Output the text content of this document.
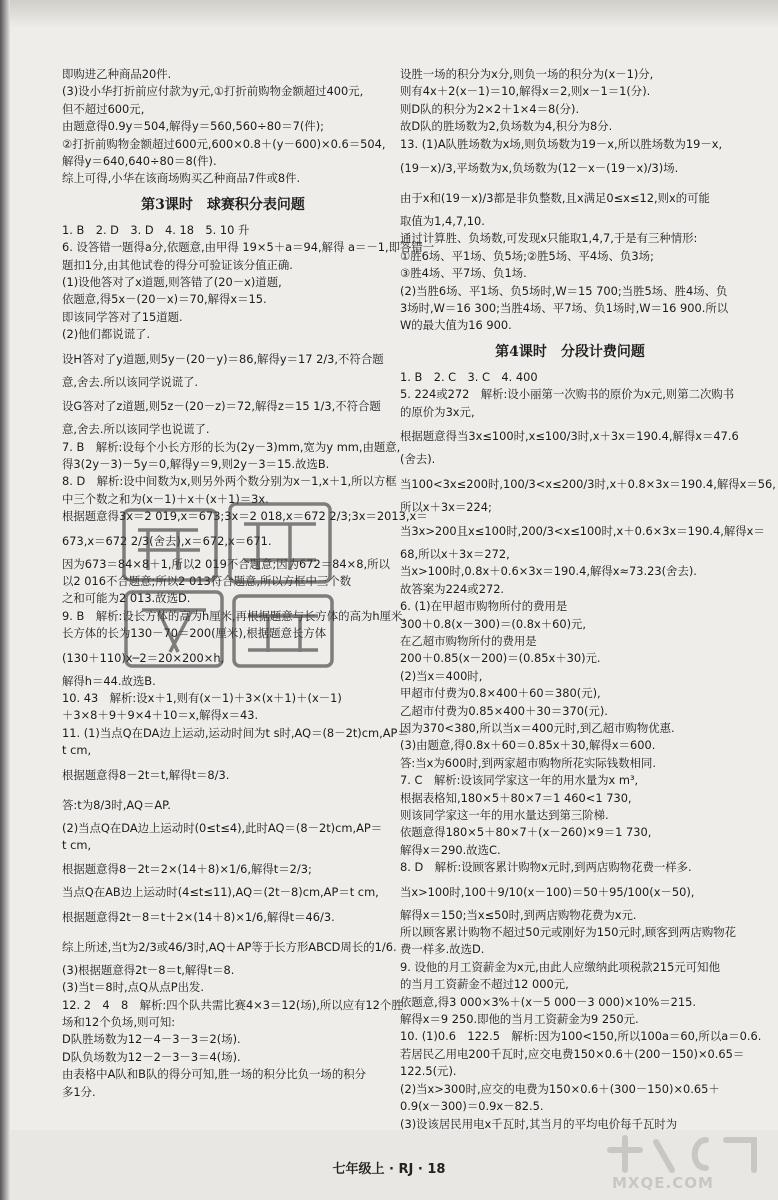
即购进乙种商品20件.
(3)设小华打折前应付款为y元,①打折前购物金额超过400元,
但不超过600元,
由题意得0.9y＝504,解得y＝560,560÷80＝7(件);
②打折前购物金额超过600元,600×0.8＋(y－600)×0.6＝504,
解得y＝640,640÷80＝8(件).
综上可得,小华在该商场购买乙种商品7件或8件.
第3课时　球赛积分表问题
1. B　2. D　3. D　4. 18　5. 10 升
6. 设答错一题得a分,依题意,由甲得 19×5＋a＝94,解得 a＝－1,即答错一
题扣1分,由其他试卷的得分可验证该分值正确.
(1)设他答对了x道题,则答错了(20－x)道题,
依题意,得5x－(20－x)＝70,解得x＝15.
即该同学答对了15道题.
(2)他们都说谎了.
设H答对了y道题,则5y－(20－y)＝86,解得y＝17 2/3,不符合题
意,舍去.所以该同学说谎了.
设G答对了z道题,则5z－(20－z)＝72,解得z＝15 1/3,不符合题
意,舍去.所以该同学也说谎了.
7. B　解析:设每个小长方形的长为(2y－3)mm,宽为y mm,由题意,
得3(2y－3)－5y＝0,解得y＝9,则2y－3＝15.故选B.
8. D　解析:设中间数为x,则另外两个数分别为x－1,x＋1,所以方框
中三个数之和为(x－1)＋x＋(x＋1)＝3x.
根据题意得3x＝2 019,x＝673;3x＝2 018,x＝672 2/3;3x＝2013,x＝
673,x＝672 2/3(舍去),x＝672,x＝671.
因为673＝84×8＋1,所以2 019不合题意;因为672＝84×8,所以
以2 016不合题意;所以2 013符合题意,所以方框中三个数
之和可能为2 013.故选D.
9. B　解析:设长方体的高为h厘米,再根据题意与长方体的高为h厘米,
长方体的长为130－70＝200(厘米),根据题意长方体
(130＋110)x─2＝20×200×h,
解得h＝44.故选B.
10. 43　解析:设x＋1,则有(x－1)＋3×(x＋1)＋(x－1)
＋3×8＋9＋9×4＋10＝x,解得x＝43.
11. (1)当点Q在DA边上运动,运动时间为t s时,AQ＝(8－2t)cm,AP＝
t cm,
根据题意得8－2t＝t,解得t＝8/3.
答:t为8/3时,AQ＝AP.
(2)当点Q在DA边上运动时(0≤t≤4),此时AQ＝(8－2t)cm,AP＝
t cm,
根据题意得8－2t＝2×(14＋8)×1/6,解得t＝2/3;
当点Q在AB边上运动时(4≤t≤11),AQ＝(2t－8)cm,AP＝t cm,
根据题意得2t－8＝t＋2×(14＋8)×1/6,解得t＝46/3.
综上所述,当t为2/3或46/3时,AQ＋AP等于长方形ABCD周长的1/6.
(3)根据题意得2t－8＝t,解得t＝8.
(3)当t＝8时,点Q从点P出发.
12. 2　4　8　解析:四个队共需比赛4×3＝12(场),所以应有12个胜
场和12个负场,则可知:
D队胜场数为12－4－3－3＝2(场).
D队负场数为12－2－3－3＝4(场).
由表格中A队和B队的得分可知,胜一场的积分比负一场的积分
多1分.
设胜一场的积分为x分,则负一场的积分为(x－1)分,
则有4x＋2(x－1)＝10,解得x＝2,则x－1＝1(分).
则D队的积分为2×2＋1×4＝8(分).
故D队的胜场数为2,负场数为4,积分为8分.
13. (1)A队胜场数为x场,则负场数为19－x,所以胜场数为19－x,
(19－x)/3,平场数为x,负场数为(12－x－(19－x)/3)场.
由于x和(19－x)/3都是非负整数,且x满足0≤x≤12,则x的可能
取值为1,4,7,10.
通过计算胜、负场数,可发现x只能取1,4,7,于是有三种情形:
①胜6场、平1场、负5场;②胜5场、平4场、负3场;
③胜4场、平7场、负1场.
(2)当胜6场、平1场、负5场时,W＝15 700;当胜5场、胜4场、负
3场时,W＝16 300;当胜4场、平7场、负1场时,W＝16 900.所以
W的最大值为16 900.
第4课时　分段计费问题
1. B　2. C　3. C　4. 400
5. 224或272　解析:设小丽第一次购书的原价为x元,则第二次购书
的原价为3x元,
根据题意得当3x≤100时,x≤100/3时,x＋3x＝190.4,解得x＝47.6
(舍去).
当100<3x≤200时,100/3<x≤200/3时,x＋0.8×3x＝190.4,解得x＝56,
所以x＋3x＝224;
当3x>200且x≤100时,200/3<x≤100时,x＋0.6×3x＝190.4,解得x＝
68,所以x＋3x＝272,
当x>100时,0.8x＋0.6×3x＝190.4,解得x≈73.23(舍去).
故答案为224或272.
6. (1)在甲超市购物所付的费用是
300＋0.8(x－300)＝(0.8x＋60)元,
在乙超市购物所付的费用是
200＋0.85(x－200)＝(0.85x＋30)元.
(2)当x＝400时,
甲超市付费为0.8×400＋60＝380(元),
乙超市付费为0.85×400＋30＝370(元).
因为370<380,所以当x＝400元时,到乙超市购物优惠.
(3)由题意,得0.8x＋60＝0.85x＋30,解得x＝600.
答:当x为600时,到两家超市购物所花实际钱数相同.
7. C　解析:设该同学家这一年的用水量为x m³,
根据表格知,180×5＋80×7＝1 460<1 730,
则该同学家这一年的用水量达到第三阶梯.
依题意得180×5＋80×7＋(x－260)×9＝1 730,
解得x＝290.故选C.
8. D　解析:设顾客累计购物x元时,到两店购物花费一样多.
当x>100时,100＋9/10(x－100)＝50＋95/100(x－50),
解得x＝150;当x≤50时,到两店购物花费为x元.
所以顾客累计购物不超过50元或刚好为150元时,顾客到两店购物花
费一样多.故选D.
9. 设他的月工资薪金为x元,由此人应缴纳此项税款215元可知他
的当月工资薪金不超过12 000元,
依题意,得3 000×3%＋(x－5 000－3 000)×10%＝215.
解得x＝9 250.即他的当月工资薪金为9 250元.
10. (1)0.6　122.5　解析:因为100<150,所以100a＝60,所以a＝0.6.
若居民乙用电200千瓦时,应交电费150×0.6＋(200－150)×0.65＝
122.5(元).
(2)当x>300时,应交的电费为150×0.6＋(300－150)×0.65＋
0.9(x－300)＝0.9x－82.5.
(3)设该居民用电x千瓦时,其当月的平均电价每千瓦时为
MXQE.COM
七年级上 · RJ · 18
